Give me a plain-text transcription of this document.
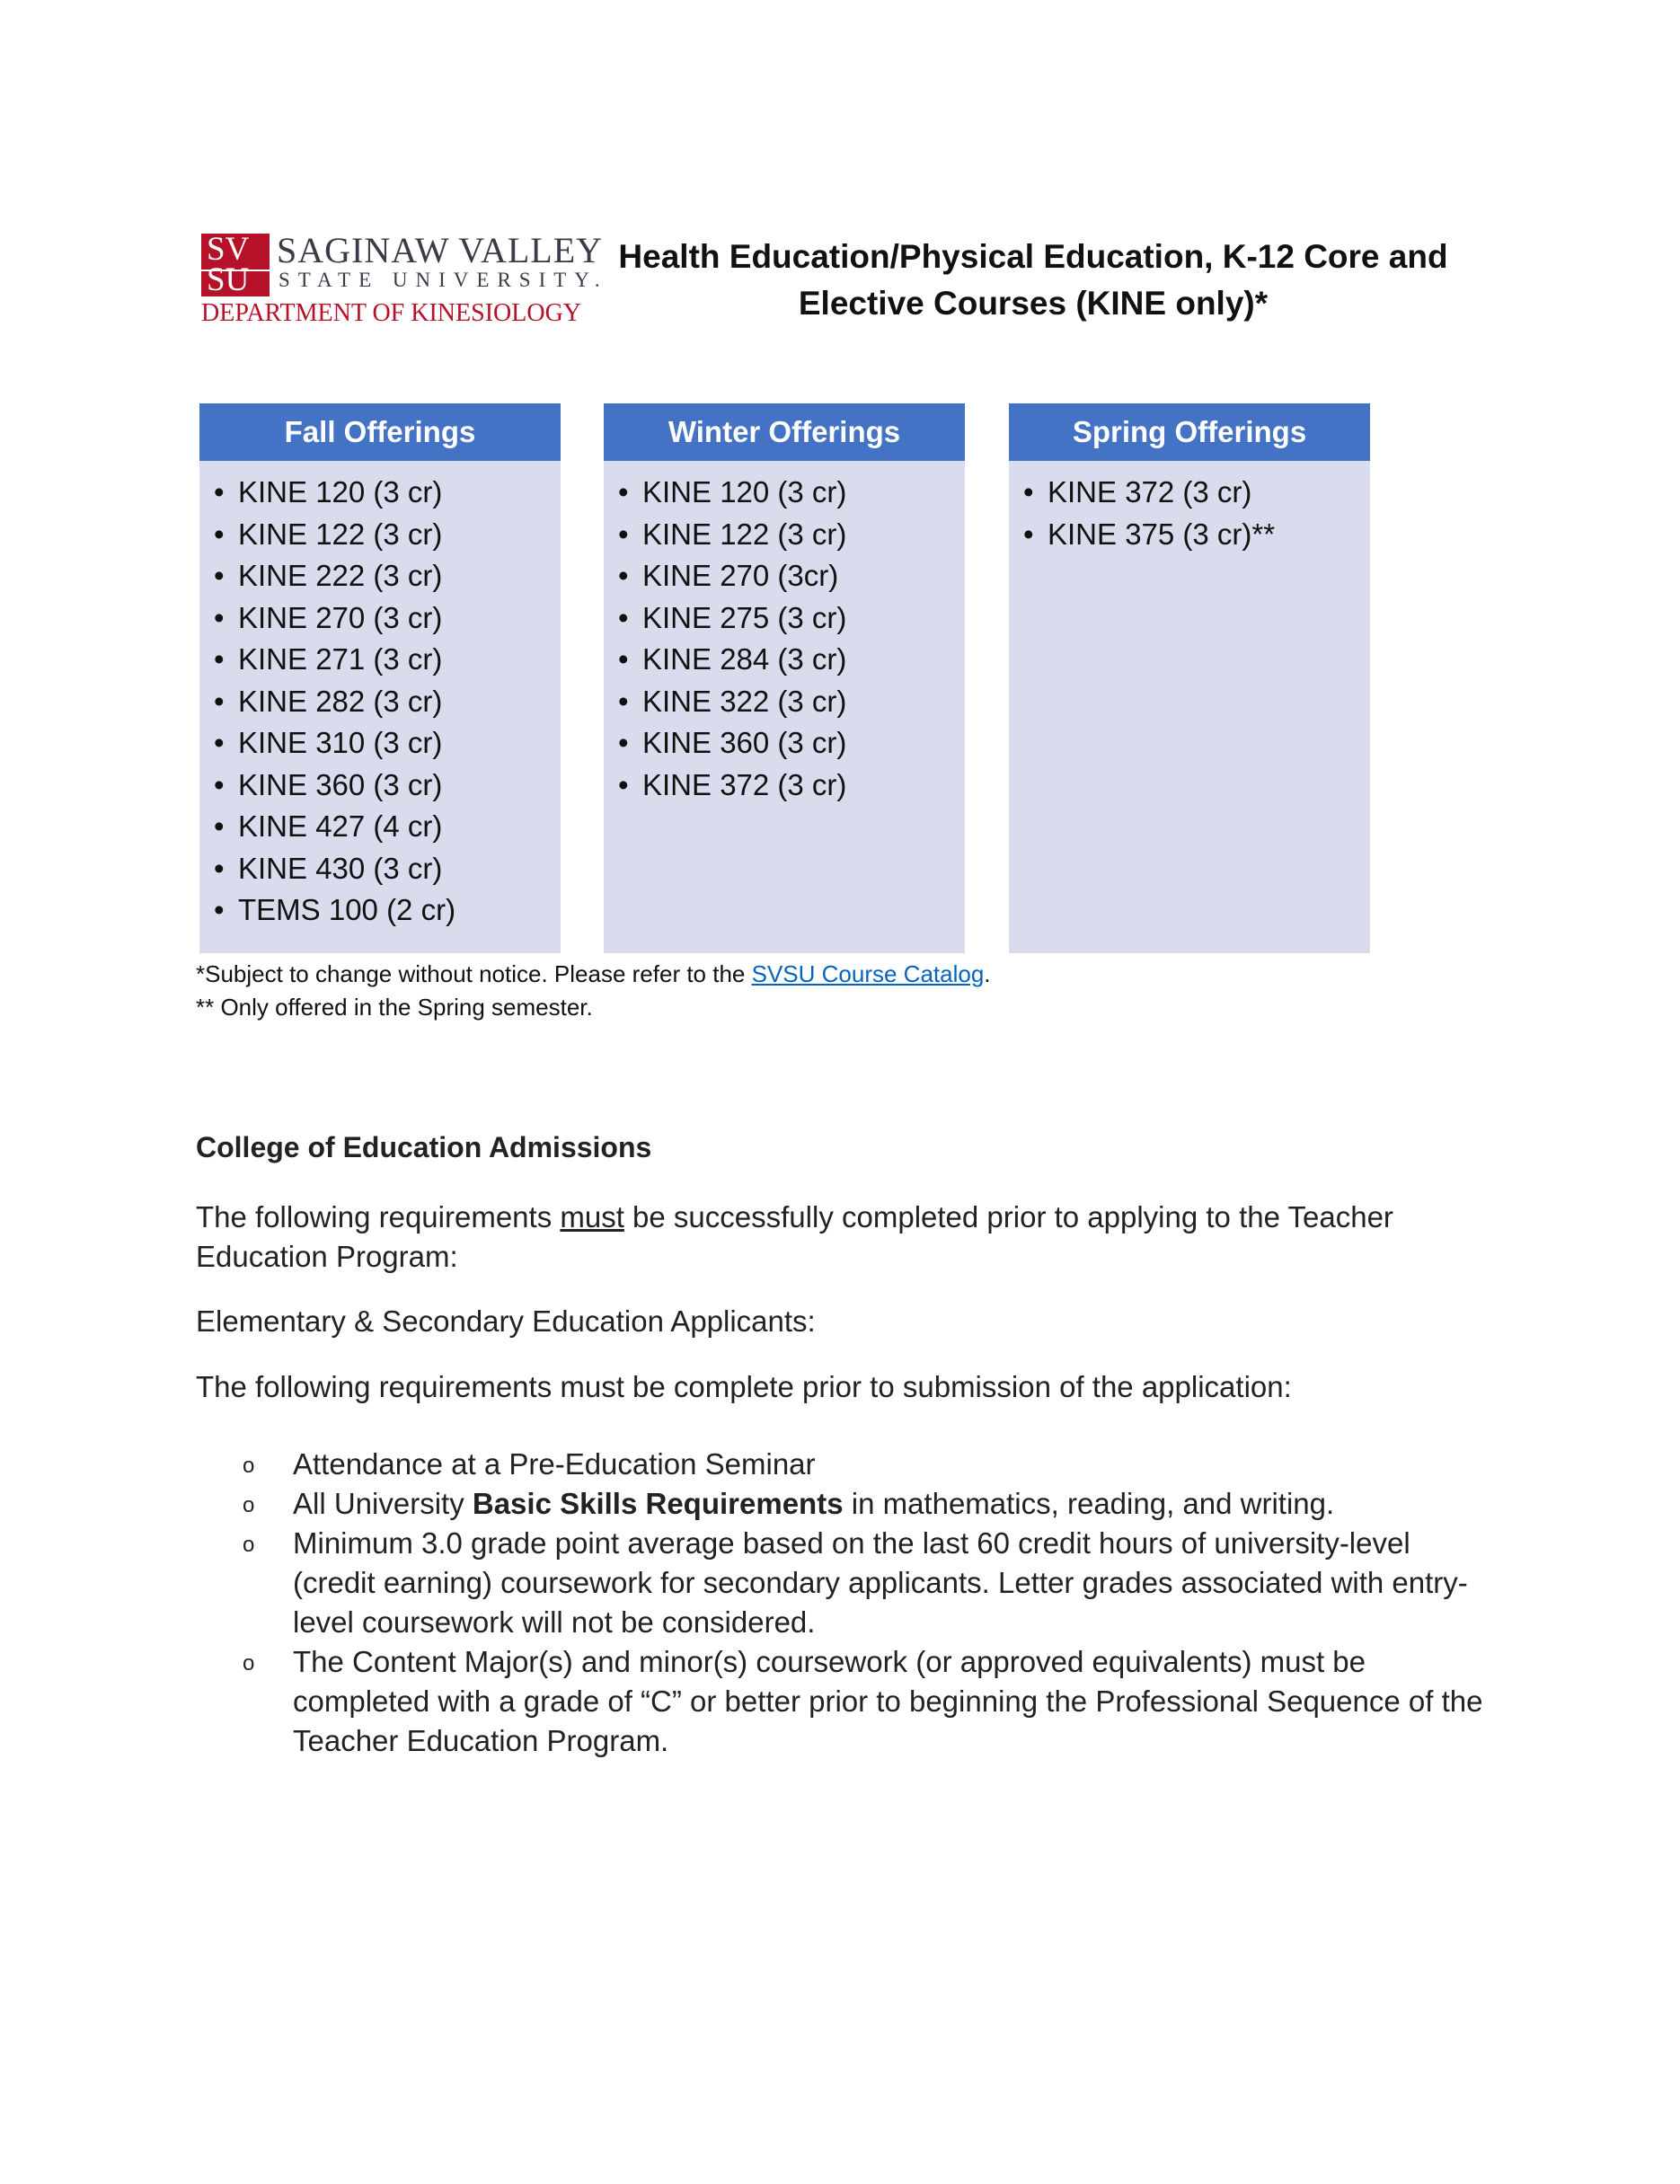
SV
SU
SAGINAW VALLEY
STATE UNIVERSITY.
DEPARTMENT OF KINESIOLOGY
Health Education/Physical Education, K-12 Core and Elective Courses (KINE only)*
Fall Offerings
• KINE 120 (3 cr)
• KINE 122 (3 cr)
• KINE 222 (3 cr)
• KINE 270 (3 cr)
• KINE 271 (3 cr)
• KINE 282 (3 cr)
• KINE 310 (3 cr)
• KINE 360 (3 cr)
• KINE 427 (4 cr)
• KINE 430 (3 cr)
• TEMS 100 (2 cr)
Winter Offerings
• KINE 120 (3 cr)
• KINE 122 (3 cr)
• KINE 270 (3cr)
• KINE 275 (3 cr)
• KINE 284 (3 cr)
• KINE 322 (3 cr)
• KINE 360 (3 cr)
• KINE 372 (3 cr)
Spring Offerings
• KINE 372 (3 cr)
• KINE 375 (3 cr)**
*Subject to change without notice. Please refer to the SVSU Course Catalog.
** Only offered in the Spring semester.
College of Education Admissions
The following requirements must be successfully completed prior to applying to the Teacher Education Program:
Elementary & Secondary Education Applicants:
The following requirements must be complete prior to submission of the application:
o Attendance at a Pre-Education Seminar
o All University Basic Skills Requirements in mathematics, reading, and writing.
o Minimum 3.0 grade point average based on the last 60 credit hours of university-level (credit earning) coursework for secondary applicants. Letter grades associated with entry-level coursework will not be considered.
o The Content Major(s) and minor(s) coursework (or approved equivalents) must be completed with a grade of “C” or better prior to beginning the Professional Sequence of the Teacher Education Program.
